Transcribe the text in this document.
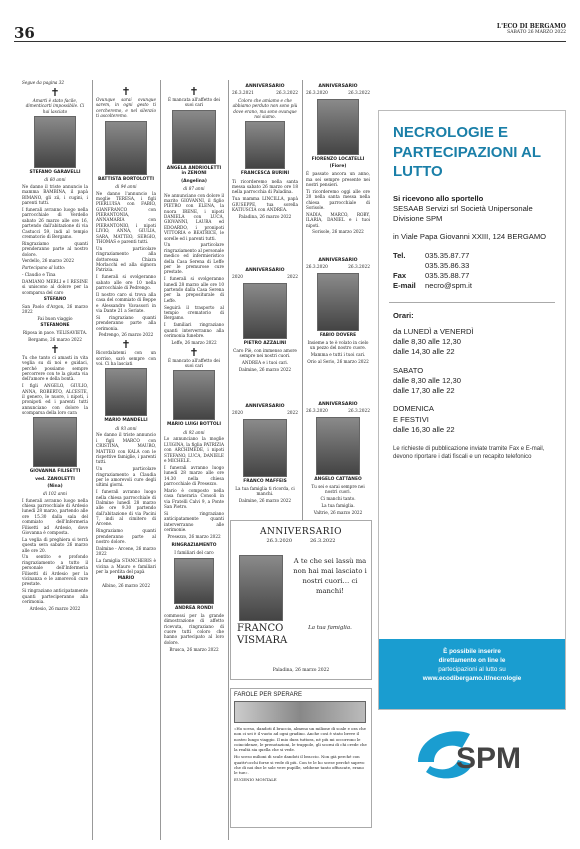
36	L'ECO DI BERGAMO
SABATO 26 MARZO 2022

Segue da pagina 32

✝

Amarti è stato facile, dimenticarti impossibile. Ci hai lasciato

STEFANO GARAVELLI

di 60 anni

Ne danno il triste annuncio la mamma BAMBINA, il papà BIMANO, gli zii, i cugini, i parenti tutti.

I funerali avranno luogo nella parrocchiale di Verdello sabato 26 marzo alle ore 16, partendo dall'abitazione di via Castucci 59, indi al tempio crematorio di Bergamo.

Ringraziamo quanti prenderanno parte al nostro dolore.

Verdello, 26 marzo 2022

Partecipano al lutto:

- Claudio e Tina

DAMIANO MERLI e I RESINE si uniscono al dolore per la scomparsa del caro

STEFANO

San Paolo d'Argon, 26 marzo 2022

Fai buon viaggio

STEFANONE

Riposa in pace. YELISAVIETA.

Bergamo, 26 marzo 2022

✝

Tu che tanto ci amasti in vita veglia su di noi e guidaci, perché possiamo sempre percorrere con te la giusta via dell'amore e della bontà.

I figli ANGELO, GIULIO, ANNA, ROBERTO, ALCESTE, il genero, le nuore, i nipoti, i pronipoti ed i parenti tutti annunciano con dolore la scomparsa della loro cara

GIOVANNA FILISETTI

ved. ZANOLETTI

(Nina)

di 102 anni

I funerali avranno luogo nella chiesa parrocchiale di Ardesio lunedì 28 marzo, partendo alle ore 15.30 dalla sala del commiato dell'Infermeria Filisetti ad Ardesio, dove Giovanna è composta.

La veglia di preghiera si terrà questa sera sabato 26 marzo alle ore 20.

Un sentito e profondo ringraziamento a tutto il personale dell'Infermeria Filisetti di Ardesio per la vicinanza e le amorevoli cure prestate.

Si ringraziano anticipatamente quanti parteciperanno alla cerimonia.

Ardesio, 26 marzo 2022

✝

Ovunque sarai ovunque sarem, in ogni gesto ti cercheremo, e nel silenzio ti ascolteremo.

BATTISTA BORTOLOTTI

di 94 anni

Ne danno l'annuncio la moglie TERESA, i figli PIERLUISA con FABIO, GIANFRANCO con PIERANTONIA, ANNAMARIA con PIERANTONIO, i nipoti LIVIO, ANNA, GIULIA, SARA, MATTEO, SERGIO, THOMAS e parenti tutti.

Un particolare ringraziamento alla dottoressa Chiara Morlacchi ed alla signora Patrizia.

I funerali si svolgeranno sabato alle ore 10 nella parrocchiale di Pedrengo.

Il nostro caro si trova alla casa del commiato di Beppe e Alessandro Vavassori in via Dante 21 a Seriate.

Si ringraziano quanti prenderanno parte alla cerimonia.

Pedrengo, 26 marzo 2022

✝

Ricordalatemi con un sorriso, sarò sempre con voi. Ci ha lasciati

MARIO MANDELLI

di 93 anni

Ne danno il triste annuncio i figli MARCO con CRISTINA, MAURO, MATTEO con KALA con le rispettive famiglie, i parenti tutti.

Un particolare ringraziamento a Claudia per le amorevoli cure degli ultimi giorni.

I funerali avranno luogo nella chiesa parrocchiale di Dalmine lunedì 28 marzo alle ore 9.30 partendo dall'abitazione di via Pacini 7, indi al cimitero di Arcene.

Ringraziamo quanti prenderanno parte al nostro dolore.

Dalmine - Arcene, 26 marzo 2022

La famiglia STANCHERIS è vicina a Mauro e familiari per la perdita del papà

MARIO

Albino, 26 marzo 2022

✝

È mancata all'affetto dei suoi cari

ANGELA ANDRIOLETTI in ZENONI

(Angelina)

di 87 anni

Ne annunciano con dolore il marito GIOVANNI, il figlio PIETRO con ELENA, la nuora IRENE, i nipoti DANIELA con LUCA, GIOVANNI, LAURA ed EDOARDO, i pronipoti VITTORIA e BEATRICE, le sorelle ed i parenti tutti.

Un particolare ringraziamento al personale medico ed infermieristico della Casa Serena di Leffe per le premurose cure prestate.

I funerali si svolgeranno lunedì 28 marzo alle ore 10 partendo dalla Casa Serena per la prepositurale di Leffe.

Seguirà il trasporto al tempio crematorio di Bergamo.

I familiari ringraziano quanti interverranno alla cerimonia funebre.

Leffe, 26 marzo 2022

✝

È mancato all'affetto dei suoi cari

MARIO LUIGI BOTTOLI

di 92 anni

Lo annunciano la moglie LUIGINA, la figlia PATRIZIA con ARCHIMEDE, i nipoti STEFANO, LUCA, DANIELE e MICHELE.

I funerali avranno luogo lunedì 28 marzo alle ore 14.30 nella chiesa parrocchiale di Presezzo.

Mario è composto nella casa funeraria Consoli in via Fratelli Calvi 9, a Ponte San Pietro.

Si ringraziano anticipatamente quanti interverranno alle cerimonie.

Presezzo, 26 marzo 2022

RINGRAZIAMENTO

I familiari del caro

ANDREA RONDI

commossi per la grande dimostrazione di affetto ricevuta, ringraziano di cuore tutti coloro che hanno partecipato al loro dolore.

Brusca, 26 marzo 2022

ANNIVERSARIO

26.3.2021	26.3.2022

Coloro che amiamo e che abbiamo perduto non sono più dove erano, ma sono ovunque noi siamo.

FRANCESCA BURINI

Ti ricorderemo nella santa messa sabato 26 marzo ore 18 nella parrocchia di Paladina.

Tua mamma LINCILLA, papà GIUSEPPE, tua sorella KATIUSCIA con ANDREA.

Paladina, 26 marzo 2022

ANNIVERSARIO

26.3.2020	26.3.2022

FIORENZO LOCATELLI

(Fiore)

È passato ancora un anno, ma sei sempre presente nei nostri pensieri.

Ti ricorderemo oggi alle ore 20 nella santa messa nella chiesa parrocchiale di Sorisole.

NADIA, MARCO, ROBY, ILARIA, DANIEL e i tuoi nipoti.

Sorisole, 26 marzo 2022

ANNIVERSARIO

2020	2022

PIETRO AZZALINI

Caro Piè, con immenso amore sempre nei nostri cuori.

ANDREA e i tuoi cari.

Dalmine, 26 marzo 2022

ANNIVERSARIO

26.3.2020	26.3.2022

FABIO DOVERE

Insieme a te è volato in cielo un pezzo del nostro cuore.

Mamma e tutti i tuoi cari.

Orio al Serio, 26 marzo 2022

ANNIVERSARIO

2020	2022

FRANCO MAFFEIS

La tua famiglia ti ricorda, ci manchi.

Dalmine, 26 marzo 2022

ANNIVERSARIO

26.3.2020	26.3.2022

ANGELO CATTANEO

Tu sei e sarai sempre nei nostri cuori.

Ci manchi tanto.

La tua famiglia.

Valtrie, 26 marzo 2022

ANNIVERSARIO

26.3.2020	26.3.2022

A te che sei lassù ma non hai mai lasciato i nostri cuori… ci manchi!

La tua famiglia.

FRANCO

VISMARA

Paladina, 26 marzo 2022

FAROLE PER SPERARE

«Ho sceso, dandoti il braccio, almeno un milione di scale e ora che non ci sei è il vuoto ad ogni gradino. Anche così è stato breve il nostro lungo viaggio. Il mio dura tuttora, né più mi occorrono le coincidenze, le prenotazioni, le trappole, gli scorni di chi crede che la realtà sia quella che si vede.

Ho sceso milioni di scale dandoti il braccio. Non già perché con quattr'occhi forse si vede di più. Con te le ho scese perché sapevo che di noi due le sole vere pupille, sebbene tanto offuscate, erano le tue».

EUGENIO MONTALE

NECROLOGIE E PARTECIPAZIONI AL LUTTO

Si ricevono allo sportello

SESAAB Servizi srl Società Unipersonale Divisione SPM

in Viale Papa Giovanni XXIII, 124 BERGAMO

Tel.	035.35.87.77
035.35.86.33
Fax	035.35.88.77
E-mail	necro@spm.it

Orari:

da LUNEDÌ a VENERDÌ

dalle 8,30 alle 12,30

dalle 14,30 alle 22

SABATO

dalle 8,30 alle 12,30

dalle 17,30 alle 22

DOMENICA

E FESTIVI

dalle 16,30 alle 22

Le richieste di pubblicazione inviate tramite Fax e E-mail, devono riportare i dati fiscali e un recapito telefonico

È possibile inserire

direttamente on line le

partecipazioni al lutto su

www.ecodibergamo.it/necrologie

SPM
